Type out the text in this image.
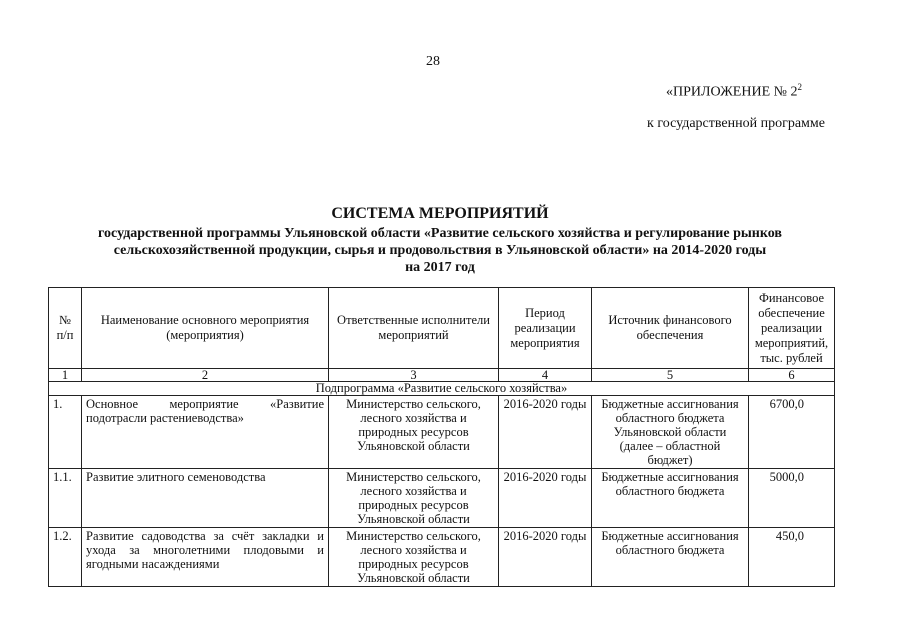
28
«ПРИЛОЖЕНИЕ № $2^2$
к государственной программе
СИСТЕМА МЕРОПРИЯТИЙ
государственной программы Ульяновской области «Развитие сельского хозяйства и регулирование рынков
сельскохозяйственной продукции, сырья и продовольствия в Ульяновской области» на 2014-2020 годы
на 2017 год
№ п/п	Наименование основного мероприятия (мероприятия)	Ответственные исполнители мероприятий	Период реализации мероприятия	Источник финансового обеспечения	Финансовое обеспечение реализации мероприятий, тыс. рублей
1	2	3	4	5	6
Подпрограмма «Развитие сельского хозяйства»					
1.	Основное мероприятие «Развитие подотрасли растениеводства»	Министерство сельского, лесного хозяйства и природных ресурсов Ульяновской области	2016-2020 годы	Бюджетные ассигнования областного бюджета Ульяновской области (далее – областной бюджет)	6700,0
1.1.	Развитие элитного семеноводства	Министерство сельского, лесного хозяйства и природных ресурсов Ульяновской области	2016-2020 годы	Бюджетные ассигнования областного бюджета	5000,0
1.2.	Развитие садоводства за счёт закладки и ухода за многолетними плодовыми и ягодными насаждениями	Министерство сельского, лесного хозяйства и природных ресурсов Ульяновской области	2016-2020 годы	Бюджетные ассигнования областного бюджета	450,0
